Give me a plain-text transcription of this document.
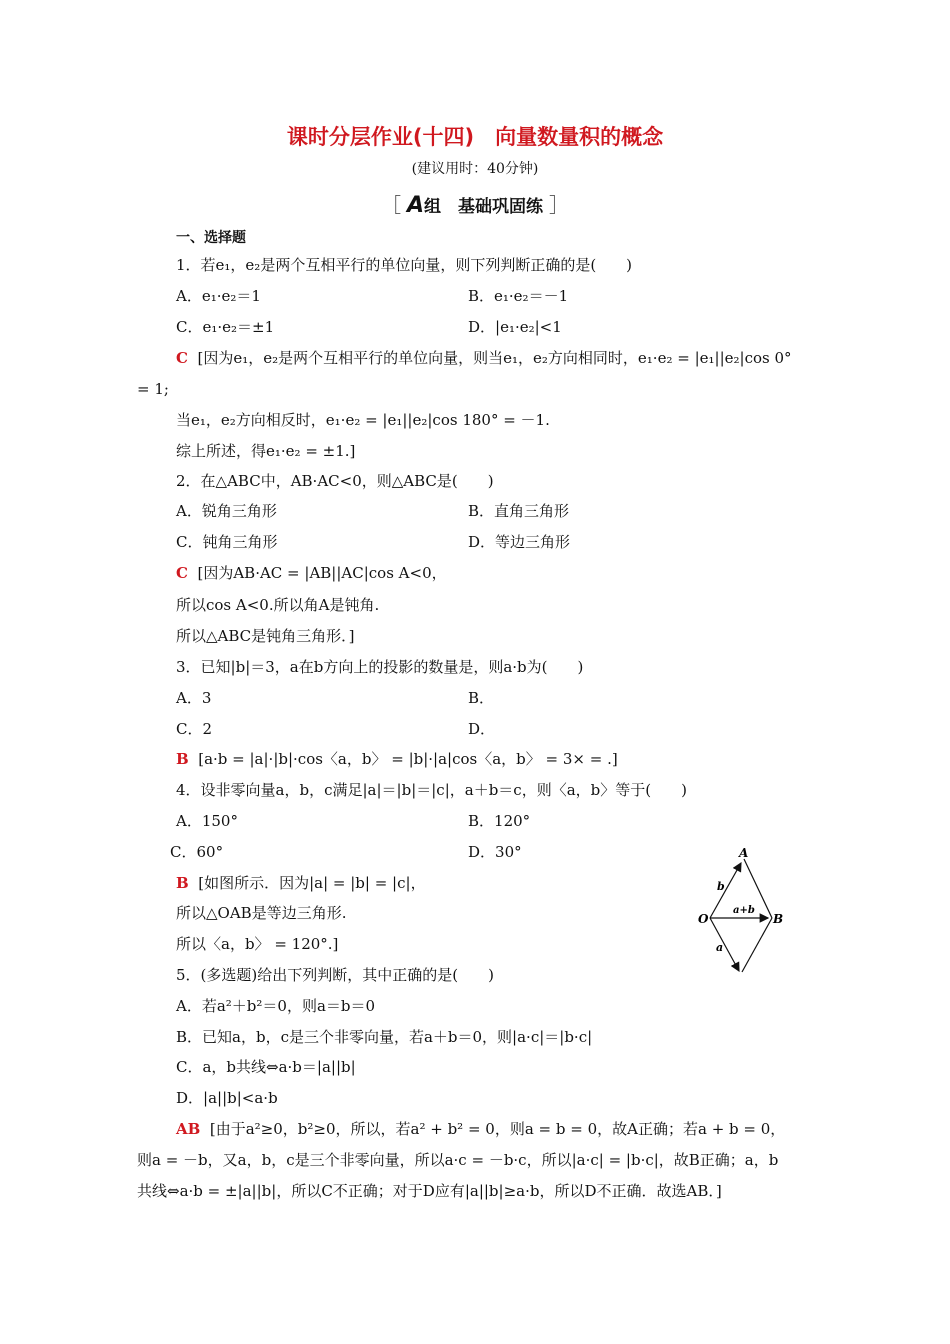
课时分层作业(十四)　向量数量积的概念
(建议用时：40分钟)
［ A组　基础巩固练 ］
一、选择题
1．若e₁，e₂是两个互相平行的单位向量，则下列判断正确的是(　　)
A．e₁·e₂＝1	B．e₁·e₂＝－1
C．e₁·e₂＝±1	D．|e₁·e₂|<1
C [因为e₁，e₂是两个互相平行的单位向量，则当e₁，e₂方向相同时，e₁·e₂ = |e₁||e₂|cos 0°
= 1;
当e₁，e₂方向相反时，e₁·e₂ = |e₁||e₂|cos 180° = －1.
综上所述，得e₁·e₂ = ±1.]
2．在△ABC中，AB·AC<0，则△ABC是(　　)
A．锐角三角形	B．直角三角形
C．钝角三角形	D．等边三角形
C [因为AB·AC = |AB||AC|cos A<0，
所以cos A<0.所以角A是钝角.
所以△ABC是钝角三角形．]
3．已知|b|＝3，a在b方向上的投影的数量是，则a·b为(　　)
A．3	B．
C．2	D．
B [a·b = |a|·|b|·cos〈a，b〉 = |b|·|a|cos〈a，b〉 = 3× = .]
4．设非零向量a，b，c满足|a|＝|b|＝|c|，a＋b＝c，则〈a，b〉等于(　　)
A．150°	B．120°
C．60°	D．30°
B [如图所示．因为|a| = |b| = |c|，
所以△OAB是等边三角形.
所以〈a，b〉 = 120°.]
A
B
O
b
a
a+b
5．(多选题)给出下列判断，其中正确的是(　　)
A．若a²＋b²＝0，则a＝b＝0
B．已知a，b，c是三个非零向量，若a＋b＝0，则|a·c|＝|b·c|
C．a，b共线⇔a·b＝|a||b|
D．|a||b|<a·b
AB [由于a²≥0，b²≥0，所以，若a² + b² = 0，则a = b = 0，故A正确；若a + b = 0，
则a = －b，又a，b，c是三个非零向量，所以a·c = －b·c，所以|a·c| = |b·c|，故B正确；a，b
共线⇔a·b = ±|a||b|，所以C不正确；对于D应有|a||b|≥a·b，所以D不正确．故选AB．]
